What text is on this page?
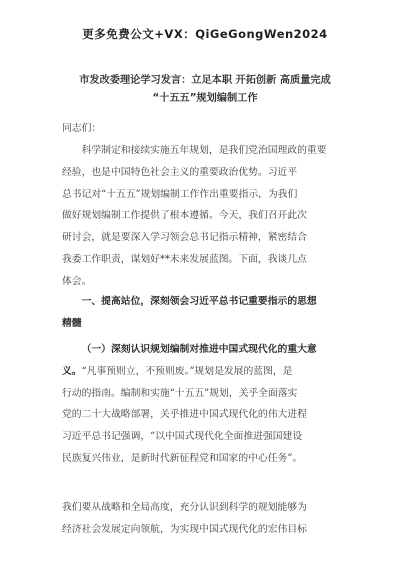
更多免费公文+VX：QiGeGongWen2024
市发改委理论学习发言：立足本职 开拓创新 高质量完成
“十五五”规划编制工作
同志们：
科学制定和接续实施五年规划，是我们党治国理政的重要
经验，也是中国特色社会主义的重要政治优势。习近平
总书记对“十五五”规划编制工作作出重要指示，为我们
做好规划编制工作提供了根本遵循。今天，我们召开此次
研讨会，就是要深入学习领会总书记指示精神，紧密结合
我委工作职责，谋划好**未来发展蓝图。下面，我谈几点
体会。
一、提高站位，深刻领会习近平总书记重要指示的思想
精髓
（一）深刻认识规划编制对推进中国式现代化的重大意
义。“凡事预则立，不预则废。”规划是发展的蓝图，是
行动的指南。编制和实施“十五五”规划，关乎全面落实
党的二十大战略部署，关乎推进中国式现代化的伟大进程
习近平总书记强调，“以中国式现代化全面推进强国建设
民族复兴伟业，是新时代新征程党和国家的中心任务”。
我们要从战略和全局高度，充分认识到科学的规划能够为
经济社会发展定向领航，为实现中国式现代化的宏伟目标
